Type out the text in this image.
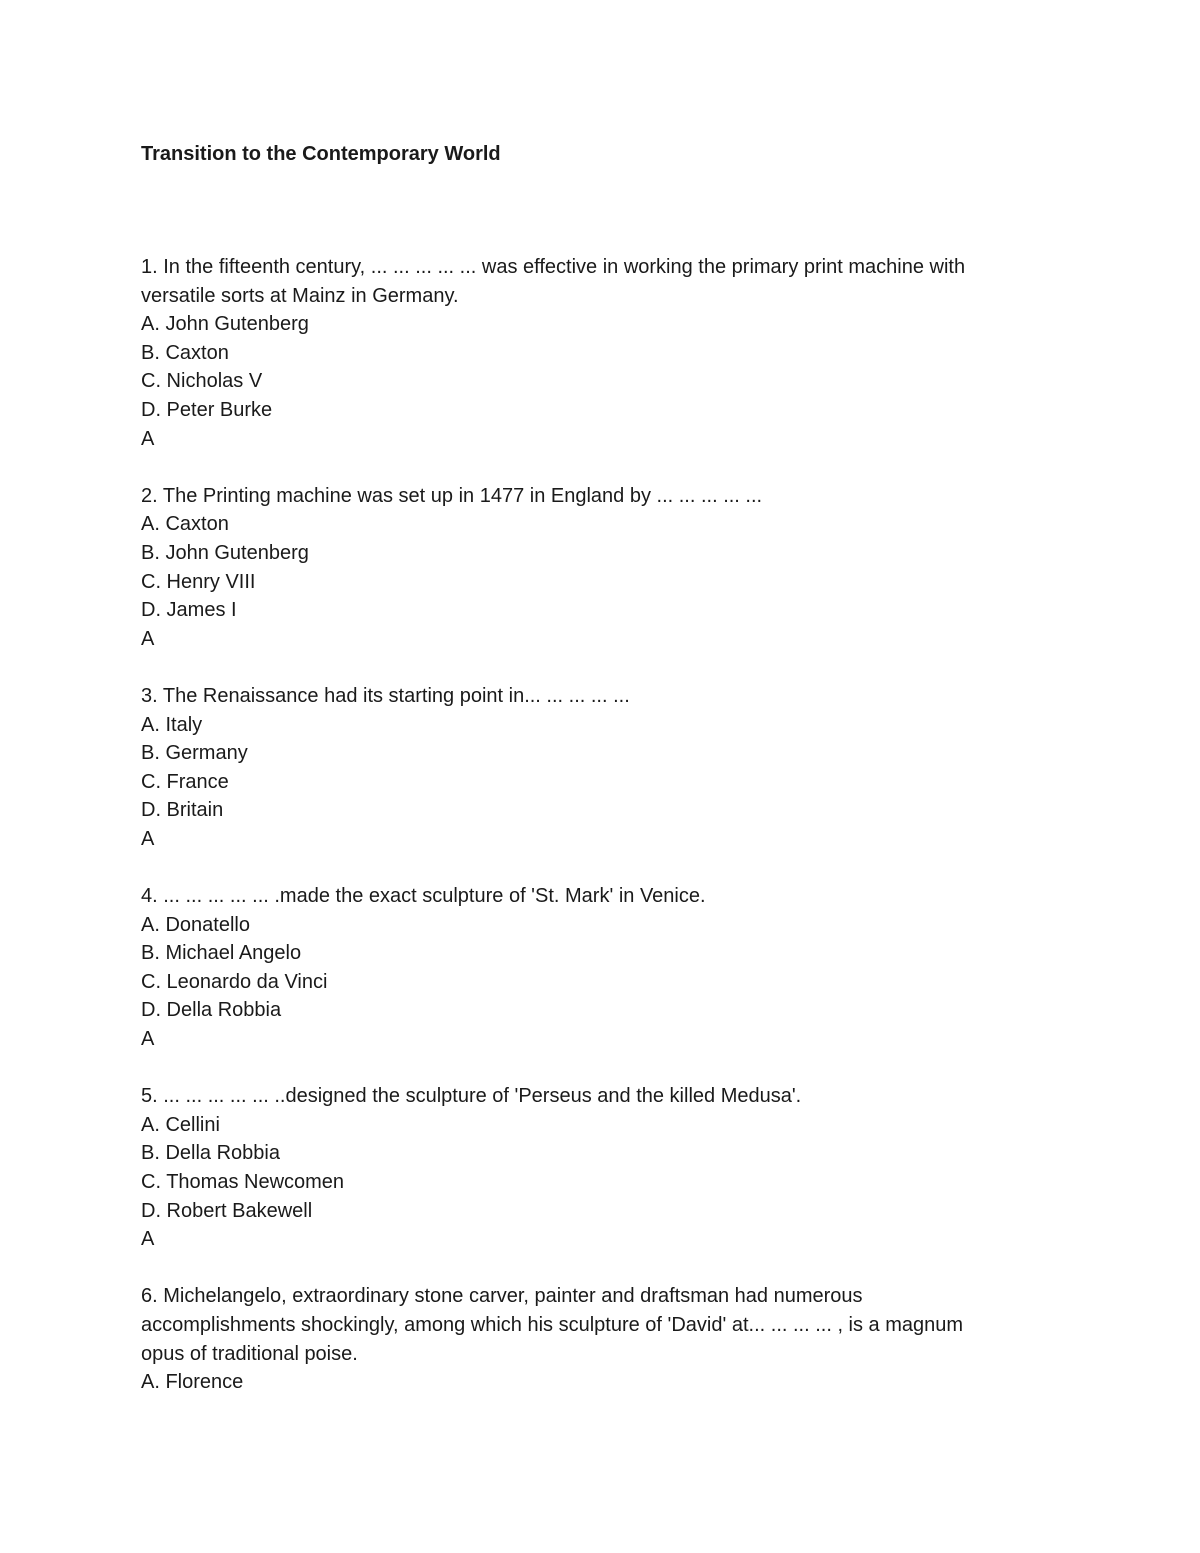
Transition to the Contemporary World
1. In the fifteenth century, ... ... ... ... ... was effective in working the primary print machine with
versatile sorts at Mainz in Germany.
A. John Gutenberg
B. Caxton
C. Nicholas V
D. Peter Burke
A
2. The Printing machine was set up in 1477 in England by ... ... ... ... ...
A. Caxton
B. John Gutenberg
C. Henry VIII
D. James I
A
3. The Renaissance had its starting point in... ... ... ... ...
A. Italy
B. Germany
C. France
D. Britain
A
4. ... ... ... ... ... .made the exact sculpture of 'St. Mark' in Venice.
A. Donatello
B. Michael Angelo
C. Leonardo da Vinci
D. Della Robbia
A
5. ... ... ... ... ... ..designed the sculpture of 'Perseus and the killed Medusa'.
A. Cellini
B. Della Robbia
C. Thomas Newcomen
D. Robert Bakewell
A
6. Michelangelo, extraordinary stone carver, painter and draftsman had numerous
accomplishments shockingly, among which his sculpture of 'David' at... ... ... ... , is a magnum
opus of traditional poise.
A. Florence
